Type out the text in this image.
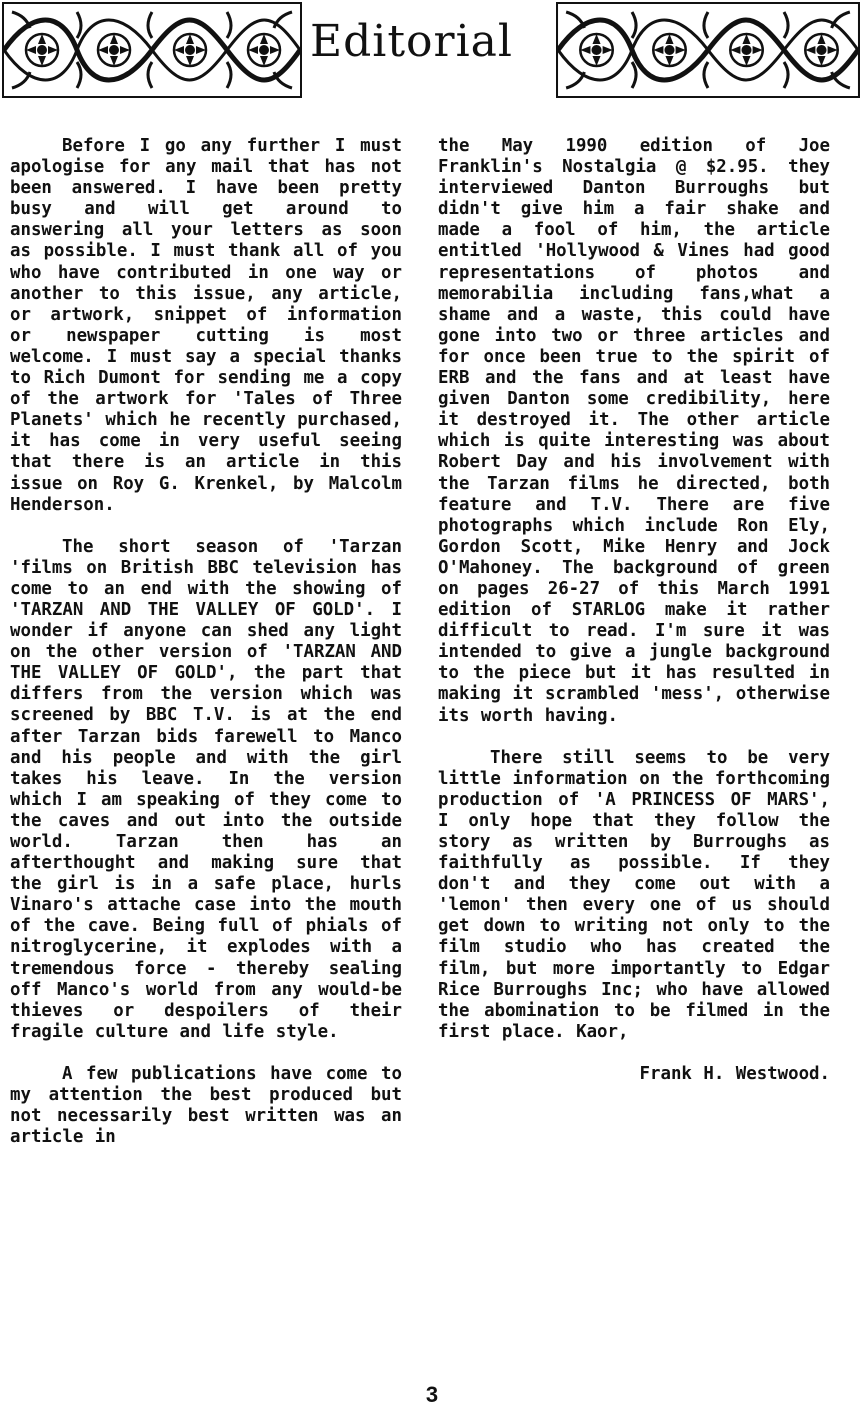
Editorial

Before I go any further I must apologise for any mail that has not been answered. I have been pretty busy and will get around to answering all your letters as soon as possible. I must thank all of you who have contributed in one way or another to this issue, any article, or artwork, snippet of information or newspaper cutting is most welcome. I must say a special thanks to Rich Dumont for sending me a copy of the artwork for 'Tales of Three Planets' which he recently purchased, it has come in very useful seeing that there is an article in this issue on Roy G. Krenkel, by Malcolm Henderson.

The short season of 'Tarzan 'films on British BBC television has come to an end with the showing of 'TARZAN AND THE VALLEY OF GOLD'. I wonder if anyone can shed any light on the other version of 'TARZAN AND THE VALLEY OF GOLD', the part that differs from the version which was screened by BBC T.V. is at the end after Tarzan bids farewell to Manco and his people and with the girl takes his leave. In the version which I am speaking of they come to the caves and out into the outside world. Tarzan then has an afterthought and making sure that the girl is in a safe place, hurls Vinaro's attache case into the mouth of the cave. Being full of phials of nitroglycerine, it explodes with a tremendous force - thereby sealing off Manco's world from any would-be thieves or despoilers of their fragile culture and life style.

A few publications have come to my attention the best produced but not necessarily best written was an article in

the May 1990 edition of Joe Franklin's Nostalgia @ $2.95. they interviewed Danton Burroughs but didn't give him a fair shake and made a fool of him, the article entitled 'Hollywood & Vines had good representations of photos and memorabilia including fans,what a shame and a waste, this could have gone into two or three articles and for once been true to the spirit of ERB and the fans and at least have given Danton some credibility, here it destroyed it. The other article which is quite interesting was about Robert Day and his involvement with the Tarzan films he directed, both feature and T.V. There are five photographs which include Ron Ely, Gordon Scott, Mike Henry and Jock O'Mahoney. The background of green on pages 26-27 of this March 1991 edition of STARLOG make it rather difficult to read. I'm sure it was intended to give a jungle background to the piece but it has resulted in making it scrambled 'mess', otherwise its worth having.

There still seems to be very little information on the forthcoming production of 'A PRINCESS OF MARS', I only hope that they follow the story as written by Burroughs as faithfully as possible. If they don't and they come out with a 'lemon' then every one of us should get down to writing not only to the film studio who has created the film, but more importantly to Edgar Rice Burroughs Inc; who have allowed the abomination to be filmed in the first place. Kaor,

Frank H. Westwood.

3
